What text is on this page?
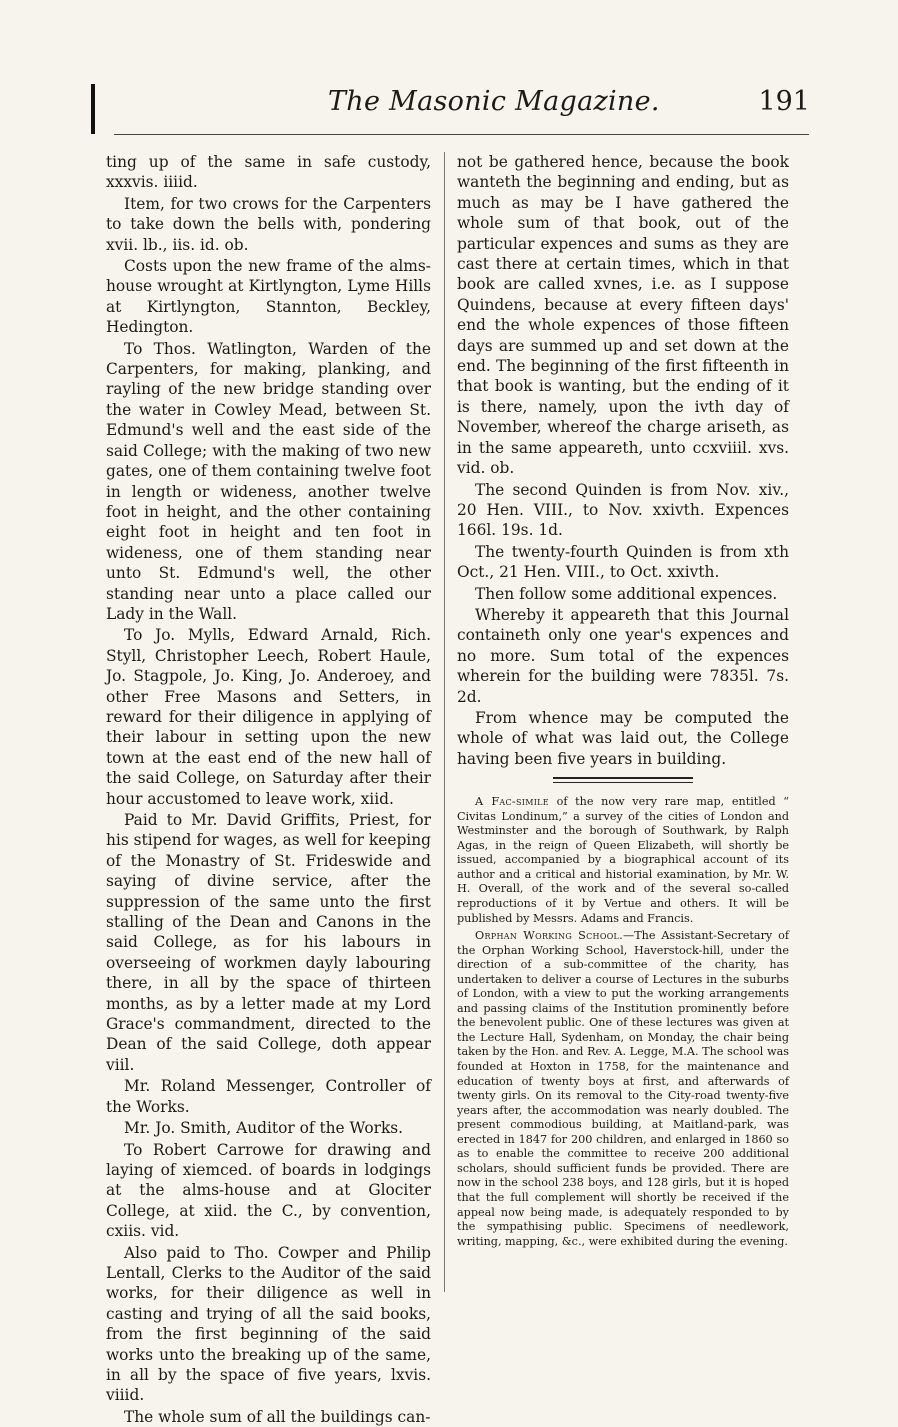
The Masonic Magazine.	191

ting up of the same in safe custody, xxxvis. iiiid.

Item, for two crows for the Carpenters to take down the bells with, pondering xvii. lb., iis. id. ob.

Costs upon the new frame of the alms-house wrought at Kirtlyngton, Lyme Hills at Kirtlyngton, Stannton, Beckley, Hedington.

To Thos. Watlington, Warden of the Carpenters, for making, planking, and rayling of the new bridge standing over the water in Cowley Mead, between St. Edmund's well and the east side of the said College; with the making of two new gates, one of them containing twelve foot in length or wideness, another twelve foot in height, and the other containing eight foot in height and ten foot in wideness, one of them standing near unto St. Edmund's well, the other standing near unto a place called our Lady in the Wall.

To Jo. Mylls, Edward Arnald, Rich. Styll, Christopher Leech, Robert Haule, Jo. Stagpole, Jo. King, Jo. Anderoey, and other Free Masons and Setters, in reward for their diligence in applying of their labour in setting upon the new town at the east end of the new hall of the said College, on Saturday after their hour accustomed to leave work, xiid.

Paid to Mr. David Griffits, Priest, for his stipend for wages, as well for keeping of the Monastry of St. Frideswide and saying of divine service, after the suppression of the same unto the first stalling of the Dean and Canons in the said College, as for his labours in overseeing of workmen dayly labouring there, in all by the space of thirteen months, as by a letter made at my Lord Grace's commandment, directed to the Dean of the said College, doth appear viil.

Mr. Roland Messenger, Controller of the Works.

Mr. Jo. Smith, Auditor of the Works.

To Robert Carrowe for drawing and laying of xiemced. of boards in lodgings at the alms-house and at Glociter College, at xiid. the C., by convention, cxiis. vid.

Also paid to Tho. Cowper and Philip Lentall, Clerks to the Auditor of the said works, for their diligence as well in casting and trying of all the said books, from the first beginning of the said works unto the breaking up of the same, in all by the space of five years, lxvis. viiid.

The whole sum of all the buildings can-

not be gathered hence, because the book wanteth the beginning and ending, but as much as may be I have gathered the whole sum of that book, out of the particular expences and sums as they are cast there at certain times, which in that book are called xvnes, i.e. as I suppose Quindens, because at every fifteen days' end the whole expences of those fifteen days are summed up and set down at the end. The beginning of the first fifteenth in that book is wanting, but the ending of it is there, namely, upon the ivth day of November, whereof the charge ariseth, as in the same appeareth, unto ccxviiil. xvs. vid. ob.

The second Quinden is from Nov. xiv., 20 Hen. VIII., to Nov. xxivth. Expences 166l. 19s. 1d.

The twenty-fourth Quinden is from xth Oct., 21 Hen. VIII., to Oct. xxivth.

Then follow some additional expences.

Whereby it appeareth that this Journal containeth only one year's expences and no more. Sum total of the expences wherein for the building were 7835l. 7s. 2d.

From whence may be computed the whole of what was laid out, the College having been five years in building.

A Fac-simile of the now very rare map, entitled “ Civitas Londinum,” a survey of the cities of London and Westminster and the borough of Southwark, by Ralph Agas, in the reign of Queen Elizabeth, will shortly be issued, accompanied by a biographical account of its author and a critical and historial examination, by Mr. W. H. Overall, of the work and of the several so-called reproductions of it by Vertue and others. It will be published by Messrs. Adams and Francis.

Orphan Working School.—The Assistant-Secretary of the Orphan Working School, Haverstock-hill, under the direction of a sub-committee of the charity, has undertaken to deliver a course of Lectures in the suburbs of London, with a view to put the working arrangements and passing claims of the Institution prominently before the benevolent public. One of these lectures was given at the Lecture Hall, Sydenham, on Monday, the chair being taken by the Hon. and Rev. A. Legge, M.A. The school was founded at Hoxton in 1758, for the maintenance and education of twenty boys at first, and afterwards of twenty girls. On its removal to the City-road twenty-five years after, the accommodation was nearly doubled. The present commodious building, at Maitland-park, was erected in 1847 for 200 children, and enlarged in 1860 so as to enable the committee to receive 200 additional scholars, should sufficient funds be provided. There are now in the school 238 boys, and 128 girls, but it is hoped that the full complement will shortly be received if the appeal now being made, is adequately responded to by the sympathising public. Specimens of needlework, writing, mapping, &c., were exhibited during the evening.
